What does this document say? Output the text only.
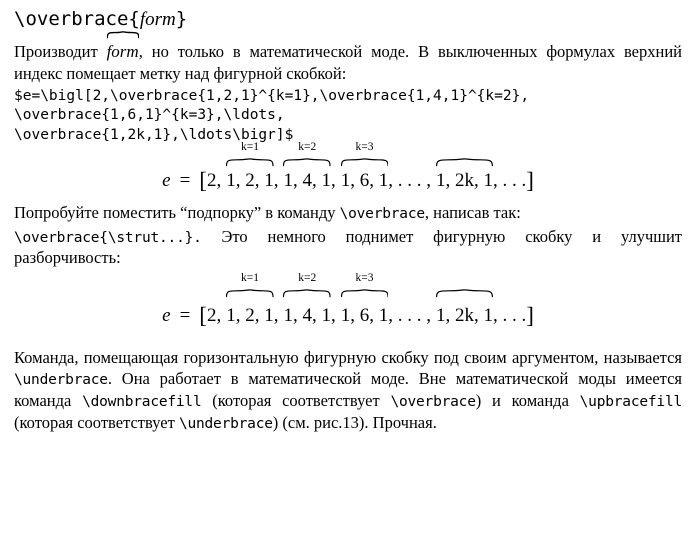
\overbrace{form}

Производит form, но только в математической моде. В выключенных формулах верхний индекс помещает метку над фигурной скобкой:

$e=\bigl[2,\overbrace{1,2,1}^{k=1},\overbrace{1,4,1}^{k=2},
\overbrace{1,6,1}^{k=3},\ldots,
\overbrace{1,2k,1},\ldots\bigr]$
e = [2,
k=1
1, 2, 1 ,
k=2
1, 4, 1 ,
k=3
1, 6, 1 , . . . , 1, 2k, 1 , . . .]

Попробуйте поместить “подпорку” в команду \overbrace, написав так:

\overbrace{\strut...}. Это немного поднимет фигурную скобку и улучшит разборчивость:

e = [2,
k=1
1, 2, 1 ,
k=2
1, 4, 1 ,
k=3
1, 6, 1 , . . . , 1, 2k, 1 , . . .]

Команда, помещающая горизонтальную фигурную скобку под своим аргументом, называется \underbrace. Она работает в математической моде. Вне математической моды имеется команда \downbracefill (которая соответствует \overbrace) и команда \upbracefill (которая соответствует \underbrace) (см. рис.13). Прочная.
